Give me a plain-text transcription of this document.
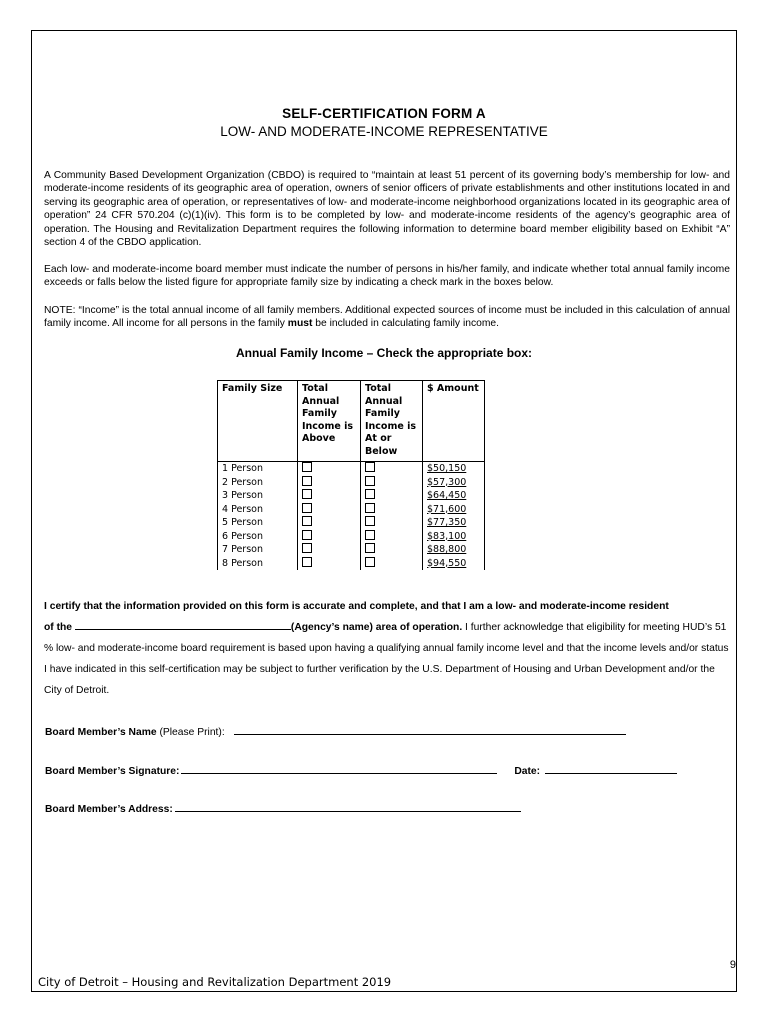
SELF-CERTIFICATION FORM A
LOW- AND MODERATE-INCOME REPRESENTATIVE
A Community Based Development Organization (CBDO) is required to “maintain at least 51 percent of its governing body’s membership for low- and moderate-income residents of its geographic area of operation, owners of senior officers of private establishments and other institutions located in and serving its geographic area of operation, or representatives of low- and moderate-income neighborhood organizations located in its geographic area of operation” 24 CFR 570.204 (c)(1)(iv). This form is to be completed by low- and moderate-income residents of the agency’s geographic area of operation. The Housing and Revitalization Department requires the following information to determine board member eligibility based on Exhibit “A” section 4 of the CBDO application.
Each low- and moderate-income board member must indicate the number of persons in his/her family, and indicate whether total annual family income exceeds or falls below the listed figure for appropriate family size by indicating a check mark in the boxes below.
NOTE: “Income” is the total annual income of all family members. Additional expected sources of income must be included in this calculation of annual family income. All income for all persons in the family must be included in calculating family income.
Annual Family Income – Check the appropriate box:
Family Size	Total Annual Family Income is Above	Total Annual Family Income is At or Below	$ Amount
1 Person			$50,150
2 Person			$57,300
3 Person			$64,450
4 Person			$71,600
5 Person			$77,350
6 Person			$83,100
7 Person			$88,800
8 Person			$94,550
I certify that the information provided on this form is accurate and complete, and that I am a low- and moderate-income resident
of the	(Agency’s name) area of operation. I further acknowledge that eligibility for meeting HUD’s 51 % low- and moderate-income board requirement is based upon having a qualifying annual family income level and that the income levels and/or status I have indicated in this self-certification may be subject to further verification by the U.S. Department of Housing and Urban Development and/or the City of Detroit.
Board Member’s Name (Please Print):
Board Member’s Signature:	Date:
Board Member’s Address:
9
City of Detroit – Housing and Revitalization Department 2019
